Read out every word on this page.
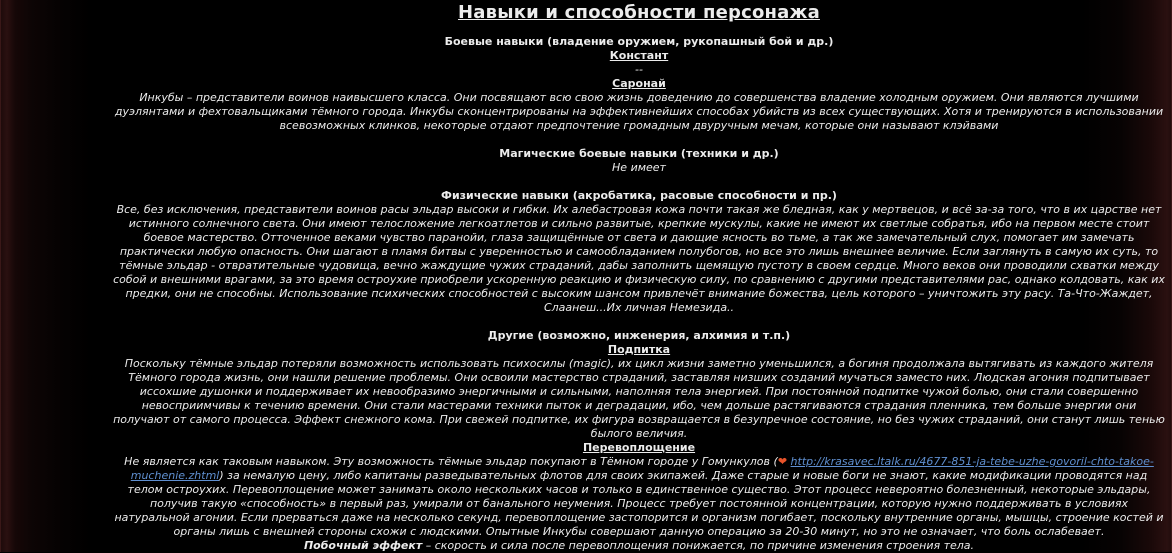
Навыки и способности персонажа
Боевые навыки (владение оружием, рукопашный бой и др.)
Констант
--
Саронай
Инкубы – представители воинов наивысшего класса. Они посвящают всю свою жизнь доведению до совершенства владение холодным оружием. Они являются лучшими дуэлянтами и фехтовальщиками тёмного города. Инкубы сконцентрированы на эффективнейших способах убийств из всех существующих. Хотя и тренируются в использовании всевозможных клинков, некоторые отдают предпочтение громадным двуручным мечам, которые они называют клэйвами
Магические боевые навыки (техники и др.)
Не имеет
Физические навыки (акробатика, расовые способности и пр.)
Все, без исключения, представители воинов расы эльдар высоки и гибки. Их алебастровая кожа почти такая же бледная, как у мертвецов, и всё за-за того, что в их царстве нет истинного солнечного света. Они имеют телосложение легкоатлетов и сильно развитые, крепкие мускулы, какие не имеют их светлые собратья, ибо на первом месте стоит боевое мастерство. Отточенное веками чувство паранойи, глаза защищённые от света и дающие ясность во тьме, а так же замечательный слух, помогает им замечать практически любую опасность. Они шагают в пламя битвы с уверенностью и самообладанием полубогов, но все это лишь внешнее величие. Если заглянуть в самую их суть, то тёмные эльдар - отвратительные чудовища, вечно жаждущие чужих страданий, дабы заполнить щемящую пустоту в своем сердце. Много веков они проводили схватки между собой и внешними врагами, за это время остроухие приобрели ускоренную реакцию и физическую силу, по сравнению с другими представителями рас, однако колдовать, как их предки, они не способны. Использование психических способностей с высоким шансом привлечёт внимание божества, цель которого – уничтожить эту расу. Та-Что-Жаждет, Слаанеш...Их личная Немезида..
Другие (возможно, инженерия, алхимия и т.п.)
Подпитка
Поскольку тёмные эльдар потеряли возможность использовать психосилы (magic), их цикл жизни заметно уменьшился, а богиня продолжала вытягивать из каждого жителя Тёмного города жизнь, они нашли решение проблемы. Они освоили мастерство страданий, заставляя низших созданий мучаться заместо них. Людская агония подпитывает иссохшие душонки и поддерживает их невообразимо энергичными и сильными, наполняя тела энергией. При постоянной подпитке чужой болью, они стали совершенно невосприимчивы к течению времени. Они стали мастерами техники пыток и деградации, ибо, чем дольше растягиваются страдания пленника, тем больше энергии они получают от самого процесса. Эффект снежного кома. При свежей подпитке, их фигура возвращается в безупречное состояние, но без чужих страданий, они станут лишь тенью былого величия.
Перевоплощение
Не является как таковым навыком. Эту возможность тёмные эльдар покупают в Тёмном городе у Гомункулов (❤ http://krasavec.ltalk.ru/4677-851-ja-tebe-uzhe-govoril-chto-takoe-muchenie.zhtml) за немалую цену, либо капитаны разведывательных флотов для своих экипажей. Даже старые и новые боги не знают, какие модификации проводятся над телом остроухих. Перевоплощение может занимать около нескольких часов и только в единственное существо. Этот процесс невероятно болезненный, некоторые эльдары, получив такую «способность» в первый раз, умирали от банального неумения. Процесс требует постоянной концентрации, которую нужно поддерживать в условиях натуральной агонии. Если прерваться даже на несколько секунд, перевоплощение застопорится и организм погибает, поскольку внутренние органы, мышцы, строение костей и органы лишь с внешней стороны схожи с людскими. Опытные Инкубы совершают данную операцию за 20-30 минут, но это не означает, что боль ослабевает.
Побочный эффект – скорость и сила после перевоплощения понижается, по причине изменения строения тела.
